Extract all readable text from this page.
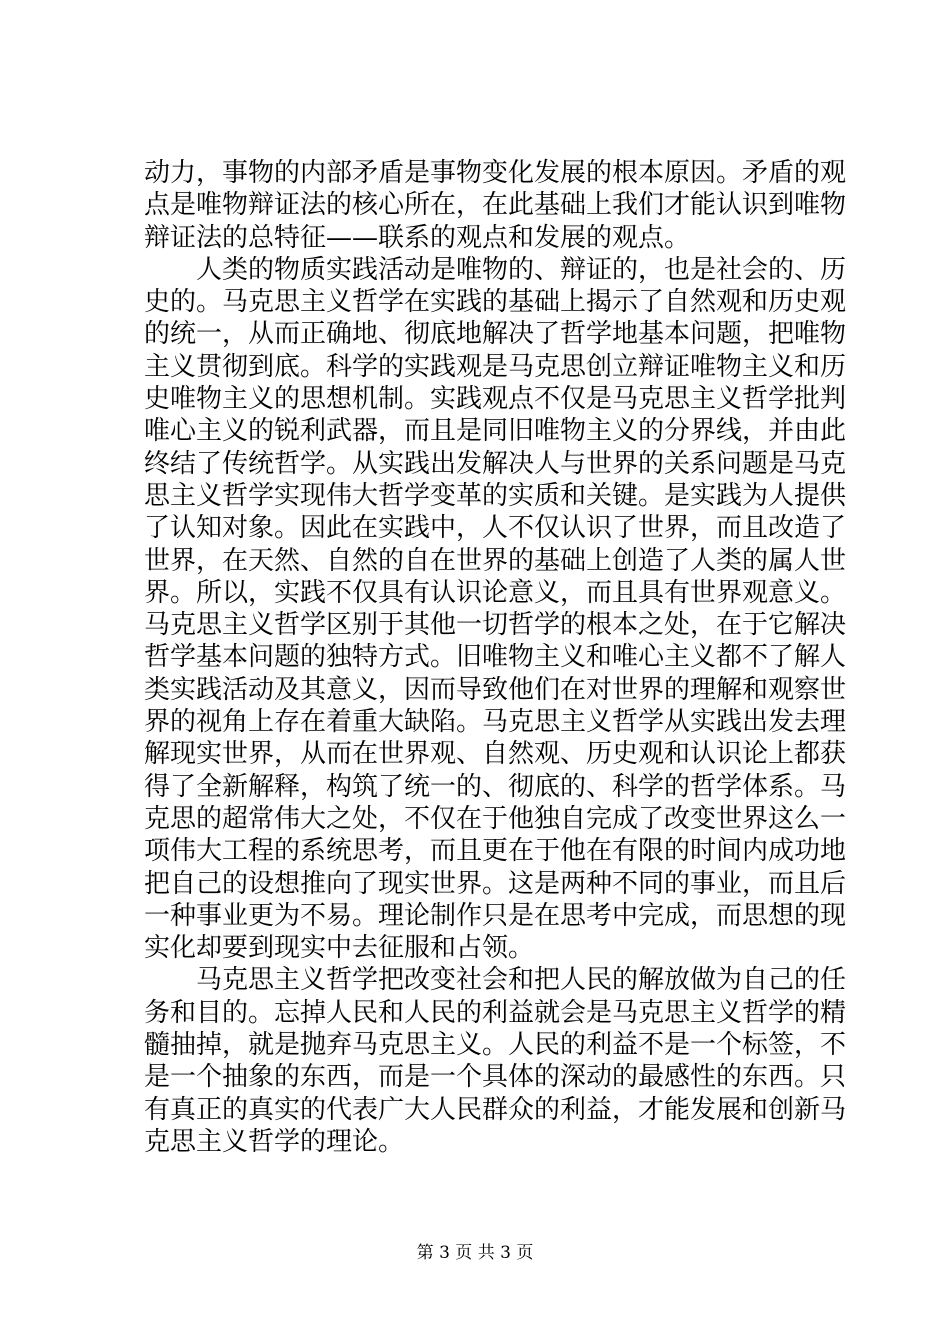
动力，事物的内部矛盾是事物变化发展的根本原因。矛盾的观
点是唯物辩证法的核心所在，在此基础上我们才能认识到唯物
辩证法的总特征——联系的观点和发展的观点。
　　人类的物质实践活动是唯物的、辩证的，也是社会的、历
史的。马克思主义哲学在实践的基础上揭示了自然观和历史观
的统一，从而正确地、彻底地解决了哲学地基本问题，把唯物
主义贯彻到底。科学的实践观是马克思创立辩证唯物主义和历
史唯物主义的思想机制。实践观点不仅是马克思主义哲学批判
唯心主义的锐利武器，而且是同旧唯物主义的分界线，并由此
终结了传统哲学。从实践出发解决人与世界的关系问题是马克
思主义哲学实现伟大哲学变革的实质和关键。是实践为人提供
了认知对象。因此在实践中，人不仅认识了世界，而且改造了
世界，在天然、自然的自在世界的基础上创造了人类的属人世
界。所以，实践不仅具有认识论意义，而且具有世界观意义。
马克思主义哲学区别于其他一切哲学的根本之处，在于它解决
哲学基本问题的独特方式。旧唯物主义和唯心主义都不了解人
类实践活动及其意义，因而导致他们在对世界的理解和观察世
界的视角上存在着重大缺陷。马克思主义哲学从实践出发去理
解现实世界，从而在世界观、自然观、历史观和认识论上都获
得了全新解释，构筑了统一的、彻底的、科学的哲学体系。马
克思的超常伟大之处，不仅在于他独自完成了改变世界这么一
项伟大工程的系统思考，而且更在于他在有限的时间内成功地
把自己的设想推向了现实世界。这是两种不同的事业，而且后
一种事业更为不易。理论制作只是在思考中完成，而思想的现
实化却要到现实中去征服和占领。
　　马克思主义哲学把改变社会和把人民的解放做为自己的任
务和目的。忘掉人民和人民的利益就会是马克思主义哲学的精
髓抽掉，就是抛弃马克思主义。人民的利益不是一个标签，不
是一个抽象的东西，而是一个具体的深动的最感性的东西。只
有真正的真实的代表广大人民群众的利益，才能发展和创新马
克思主义哲学的理论。
第 3 页 共 3 页
